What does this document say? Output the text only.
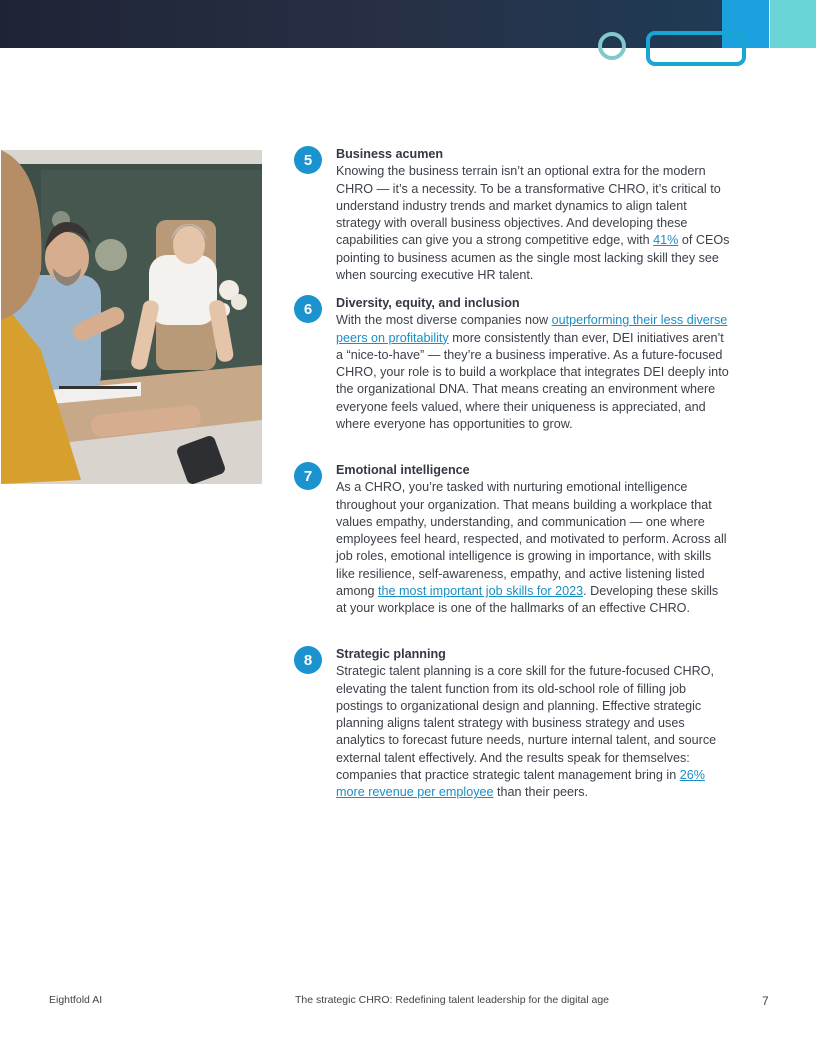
5	Business acumen
Knowing the business terrain isn’t an optional extra for the modern CHRO — it’s a necessity. To be a transformative CHRO, it’s critical to understand industry trends and market dynamics to align talent strategy with overall business objectives. And developing these capabilities can give you a strong competitive edge, with 41% of CEOs pointing to business acumen as the single most lacking skill they see when sourcing executive HR talent.
6	Diversity, equity, and inclusion
With the most diverse companies now outperforming their less diverse peers on profitability more consistently than ever, DEI initiatives aren’t a “nice-to-have” — they’re a business imperative. As a future-focused CHRO, your role is to build a workplace that integrates DEI deeply into the organizational DNA. That means creating an environment where everyone feels valued, where their uniqueness is appreciated, and where everyone has opportunities to grow.
7	Emotional intelligence
As a CHRO, you’re tasked with nurturing emotional intelligence throughout your organization. That means building a workplace that values empathy, understanding, and communication — one where employees feel heard, respected, and motivated to perform. Across all job roles, emotional intelligence is growing in importance, with skills like resilience, self-awareness, empathy, and active listening listed among the most important job skills for 2023. Developing these skills at your workplace is one of the hallmarks of an effective CHRO.
8	Strategic planning
Strategic talent planning is a core skill for the future-focused CHRO, elevating the talent function from its old-school role of filling job postings to organizational design and planning. Effective strategic planning aligns talent strategy with business strategy and uses analytics to forecast future needs, nurture internal talent, and source external talent effectively. And the results speak for themselves: companies that practice strategic talent management bring in 26% more revenue per employee than their peers.
Eightfold AI	The strategic CHRO: Redefining talent leadership for the digital age	7
